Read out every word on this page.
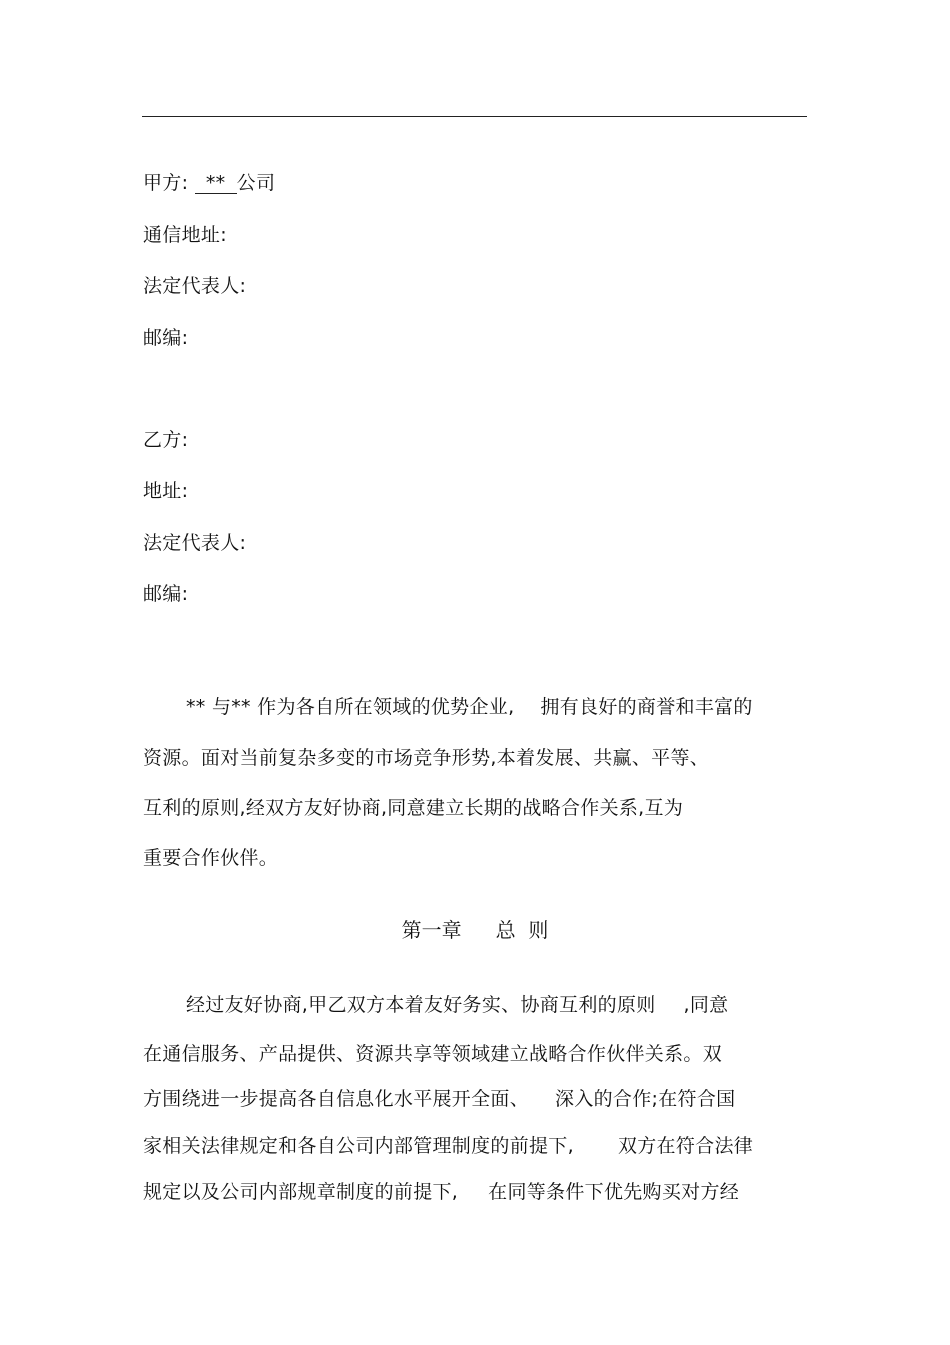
甲方: ** 公司
通信地址:
法定代表人:
邮编:
乙方:
地址:
法定代表人:
邮编:
** 与** 作为各自所在领域的优势企业, 拥有良好的商誉和丰富的
资源。面对当前复杂多变的市场竞争形势,本着发展、共赢、平等、
互利的原则,经双方友好协商,同意建立长期的战略合作关系,互为
重要合作伙伴。
第一章 总  则
经过友好协商,甲乙双方本着友好务实、协商互利的原则 ,同意
在通信服务、产品提供、资源共享等领域建立战略合作伙伴关系。双
方围绕进一步提高各自信息化水平展开全面、 深入的合作;在符合国
家相关法律规定和各自公司内部管理制度的前提下, 双方在符合法律
规定以及公司内部规章制度的前提下, 在同等条件下优先购买对方经
